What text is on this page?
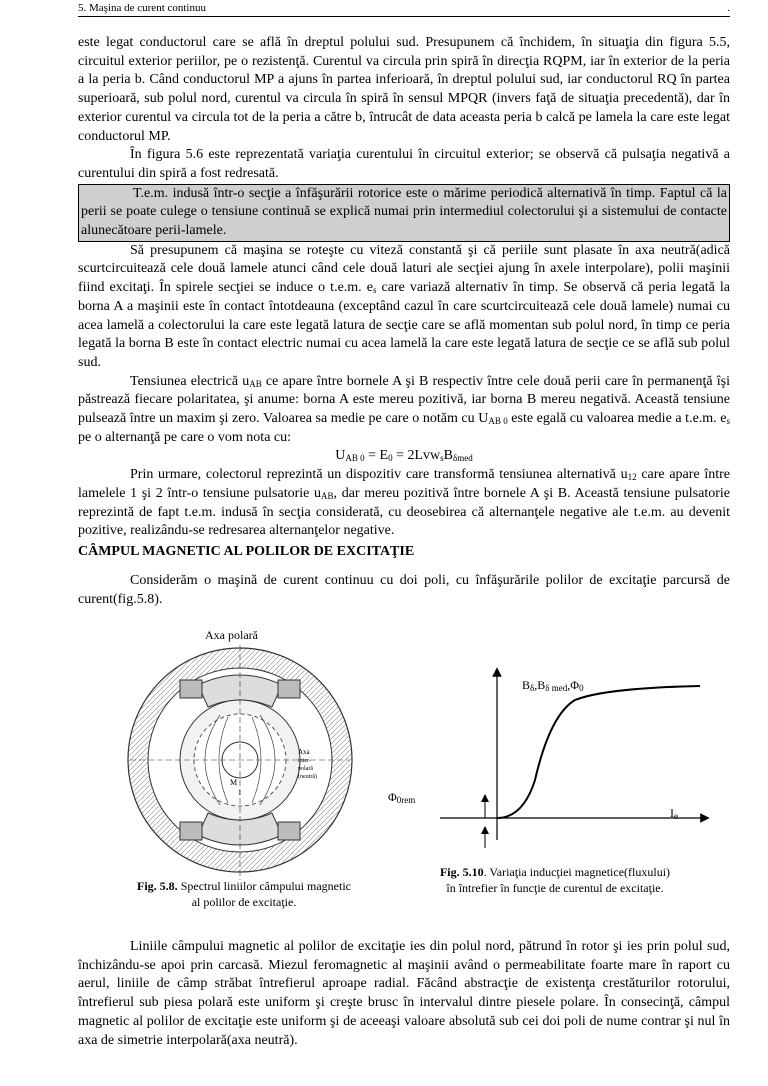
5. Maşina de curent continuu	.

este legat conductorul care se află în dreptul polului sud. Presupunem că închidem, în situaţia din figura 5.5, circuitul exterior periilor, pe o rezistenţă. Curentul va circula prin spiră în direcţia RQPM, iar în exterior de la peria a la peria b. Când conductorul MP a ajuns în partea inferioară, în dreptul polului sud, iar conductorul RQ în partea superioară, sub polul nord, curentul va circula în spiră în sensul MPQR (invers faţă de situaţia precedentă), dar în exterior curentul va circula tot de la peria a către b, întrucât de data aceasta peria b calcă pe lamela la care este legat conductorul MP.

În figura 5.6 este reprezentată variaţia curentului în circuitul exterior; se observă că pulsaţia negativă a curentului din spiră a fost redresată.

T.e.m. indusă într-o secţie a înfăşurării rotorice este o mărime periodică alternativă în timp. Faptul că la perii se poate culege o tensiune continuă se explică numai prin intermediul colectorului şi a sistemului de contacte alunecătoare perii-lamele.

Să presupunem că maşina se roteşte cu viteză constantă şi că periile sunt plasate în axa neutră(adică scurtcircuitează cele două lamele atunci când cele două laturi ale secţiei ajung în axele interpolare), polii maşinii fiind excitaţi. În spirele secţiei se induce o t.e.m. $e_s$ care variază alternativ în timp. Se observă că peria legată la borna A a maşinii este în contact întotdeauna (exceptând cazul în care scurtcircuitează cele două lamele) numai cu acea lamelă a colectorului la care este legată latura de secţie care se află momentan sub polul nord, în timp ce peria legată la borna B este în contact electric numai cu acea lamelă la care este legată latura de secţie ce se află sub polul sud.

Tensiunea electrică $u_{AB}$ ce apare între bornele A şi B respectiv între cele două perii care în permanenţă îşi păstrează fiecare polaritatea, şi anume: borna A este mereu pozitivă, iar borna B mereu negativă. Această tensiune pulsează între un maxim şi zero. Valoarea sa medie pe care o notăm cu $U_{AB 0}$ este egală cu valoarea medie a t.e.m. $e_s$ pe o alternanţă pe care o vom nota cu:

$U_{AB 0} = E_0 = 2Lvw_sB_{\delta med}$

Prin urmare, colectorul reprezintă un dispozitiv care transformă tensiunea alternativă $u_{12}$ care apare între lamelele 1 şi 2 într-o tensiune pulsatorie $u_{AB}$, dar mereu pozitivă între bornele A şi B. Această tensiune pulsatorie reprezintă de fapt t.e.m. indusă în secţia considerată, cu deosebirea că alternanţele negative ale t.e.m. au devenit pozitive, realizându-se redresarea alternanţelor negative.

CÂMPUL MAGNETIC AL POLILOR DE EXCITAŢIE

Considerăm o maşină de curent continuu cu doi poli, cu înfăşurările polilor de excitaţie parcursă de curent(fig.5.8).

Axa polară
Axa
inter-
polară
(neutră)
M
1
Fig. 5.8. Spectrul liniilor câmpului magnetic
al polilor de excitaţie.
$B_\delta,B_{\delta med},\Phi_0$
$\Phi_{0rem}$
$I_e$
Fig. 5.10. Variaţia inducţiei magnetice(fluxului)
în întrefier în funcţie de curentul de excitaţie.

Liniile câmpului magnetic al polilor de excitaţie ies din polul nord, pătrund în rotor şi ies prin polul sud, închizându-se apoi prin carcasă. Miezul feromagnetic al maşinii având o permeabilitate foarte mare în raport cu aerul, liniile de câmp străbat întrefierul aproape radial. Făcând abstracţie de existenţa crestăturilor rotorului, întrefierul sub piesa polară este uniform şi creşte brusc în intervalul dintre piesele polare. În consecinţă, câmpul magnetic al polilor de excitaţie este uniform şi de aceeaşi valoare absolută sub cei doi poli de nume contrar şi nul în axa de simetrie interpolară(axa neutră).
